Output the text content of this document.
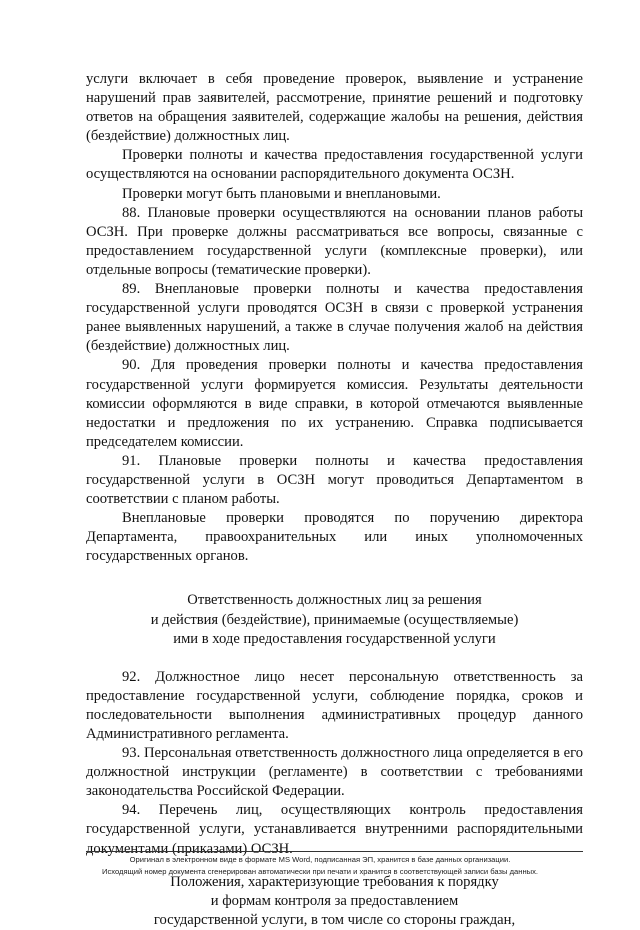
услуги включает в себя проведение проверок, выявление и устранение нарушений прав заявителей, рассмотрение, принятие решений и подготовку ответов на обращения заявителей, содержащие жалобы на решения, действия (бездействие) должностных лиц.

Проверки полноты и качества предоставления государственной услуги осуществляются на основании распорядительного документа ОСЗН.

Проверки могут быть плановыми и внеплановыми.

88. Плановые проверки осуществляются на основании планов работы ОСЗН. При проверке должны рассматриваться все вопросы, связанные с предоставлением государственной услуги (комплексные проверки), или отдельные вопросы (тематические проверки).

89. Внеплановые проверки полноты и качества предоставления государственной услуги проводятся ОСЗН в связи с проверкой устранения ранее выявленных нарушений, а также в случае получения жалоб на действия (бездействие) должностных лиц.

90. Для проведения проверки полноты и качества предоставления государственной услуги формируется комиссия. Результаты деятельности комиссии оформляются в виде справки, в которой отмечаются выявленные недостатки и предложения по их устранению. Справка подписывается председателем комиссии.

91. Плановые проверки полноты и качества предоставления государственной услуги в ОСЗН могут проводиться Департаментом в соответствии с планом работы.

Внеплановые проверки проводятся по поручению директора Департамента, правоохранительных или иных уполномоченных государственных органов.

Ответственность должностных лиц за решения
и действия (бездействие), принимаемые (осуществляемые)
ими в ходе предоставления государственной услуги

92. Должностное лицо несет персональную ответственность за предоставление государственной услуги, соблюдение порядка, сроков и последовательности выполнения административных процедур данного Административного регламента.

93. Персональная ответственность должностного лица определяется в его должностной инструкции (регламенте) в соответствии с требованиями законодательства Российской Федерации.

94. Перечень лиц, осуществляющих контроль предоставления государственной услуги, устанавливается внутренними распорядительными документами (приказами) ОСЗН.

Положения, характеризующие требования к порядку
и формам контроля за предоставлением
государственной услуги, в том числе со стороны граждан,
Оригинал в электронном виде в формате MS Word, подписанная ЭП, хранится в базе данных организации.
Исходящий номер документа сгенерирован автоматически при печати и хранится в соответствующей записи базы данных.
